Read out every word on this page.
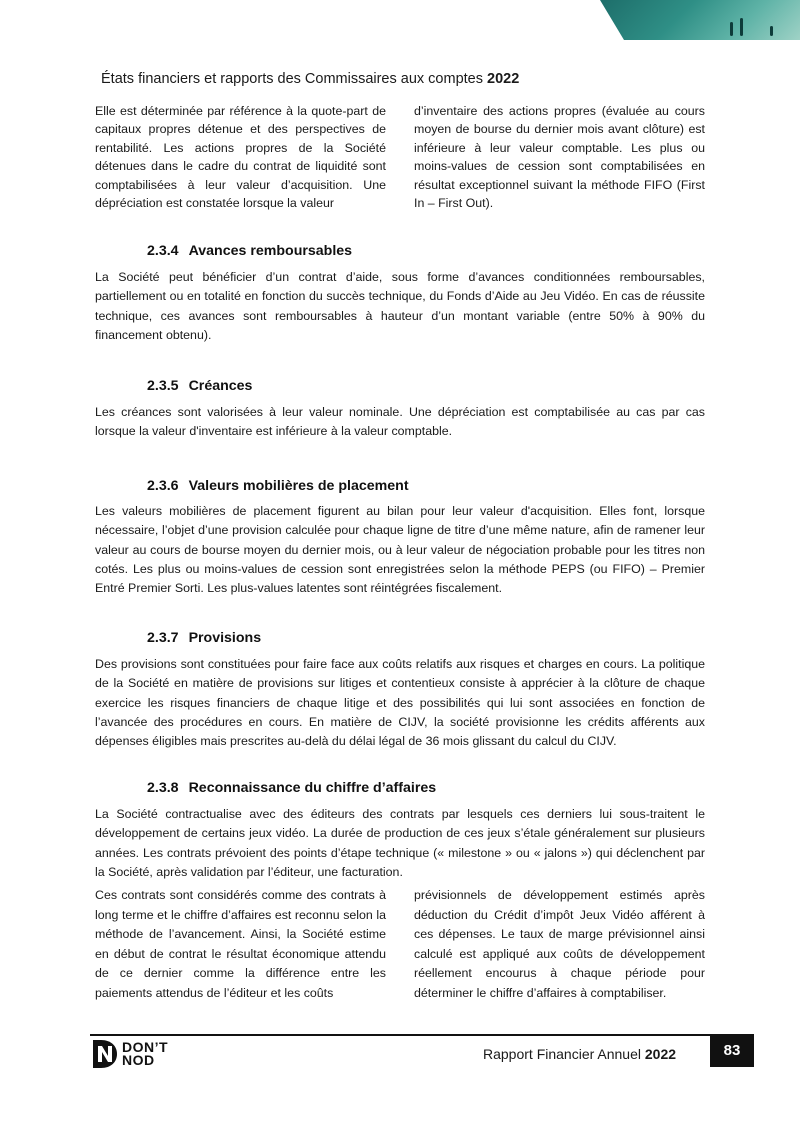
États financiers et rapports des Commissaires aux comptes 2022
Elle est déterminée par référence à la quote-part de capitaux propres détenue et des perspectives de rentabilité. Les actions propres de la Société détenues dans le cadre du contrat de liquidité sont comptabilisées à leur valeur d’acquisition. Une dépréciation est constatée lorsque la valeur
d’inventaire des actions propres (évaluée au cours moyen de bourse du dernier mois avant clôture) est inférieure à leur valeur comptable. Les plus ou moins-values de cession sont comptabilisées en résultat exceptionnel suivant la méthode FIFO (First In – First Out).
2.3.4 Avances remboursables
La Société peut bénéficier d’un contrat d’aide, sous forme d’avances conditionnées remboursables, partiellement ou en totalité en fonction du succès technique, du Fonds d’Aide au Jeu Vidéo. En cas de réussite technique, ces avances sont remboursables à hauteur d’un montant variable (entre 50% à 90% du financement obtenu).
2.3.5 Créances
Les créances sont valorisées à leur valeur nominale. Une dépréciation est comptabilisée au cas par cas lorsque la valeur d'inventaire est inférieure à la valeur comptable.
2.3.6 Valeurs mobilières de placement
Les valeurs mobilières de placement figurent au bilan pour leur valeur d'acquisition. Elles font, lorsque nécessaire, l’objet d’une provision calculée pour chaque ligne de titre d’une même nature, afin de ramener leur valeur au cours de bourse moyen du dernier mois, ou à leur valeur de négociation probable pour les titres non cotés. Les plus ou moins-values de cession sont enregistrées selon la méthode PEPS (ou FIFO) – Premier Entré Premier Sorti. Les plus-values latentes sont réintégrées fiscalement.
2.3.7 Provisions
Des provisions sont constituées pour faire face aux coûts relatifs aux risques et charges en cours. La politique de la Société en matière de provisions sur litiges et contentieux consiste à apprécier à la clôture de chaque exercice les risques financiers de chaque litige et des possibilités qui lui sont associées en fonction de l’avancée des procédures en cours. En matière de CIJV, la société provisionne les crédits afférents aux dépenses éligibles mais prescrites au-delà du délai légal de 36 mois glissant du calcul du CIJV.
2.3.8 Reconnaissance du chiffre d’affaires
La Société contractualise avec des éditeurs des contrats par lesquels ces derniers lui sous-traitent le développement de certains jeux vidéo. La durée de production de ces jeux s’étale généralement sur plusieurs années. Les contrats prévoient des points d’étape technique (« milestone » ou « jalons ») qui déclenchent par la Société, après validation par l’éditeur, une facturation.
Ces contrats sont considérés comme des contrats à long terme et le chiffre d’affaires est reconnu selon la méthode de l’avancement. Ainsi, la Société estime en début de contrat le résultat économique attendu de ce dernier comme la différence entre les paiements attendus de l’éditeur et les coûts
prévisionnels de développement estimés après déduction du Crédit d’impôt Jeux Vidéo afférent à ces dépenses. Le taux de marge prévisionnel ainsi calculé est appliqué aux coûts de développement réellement encourus à chaque période pour déterminer le chiffre d’affaires à comptabiliser.
DON’T
NOD	Rapport Financier Annuel 2022	83
